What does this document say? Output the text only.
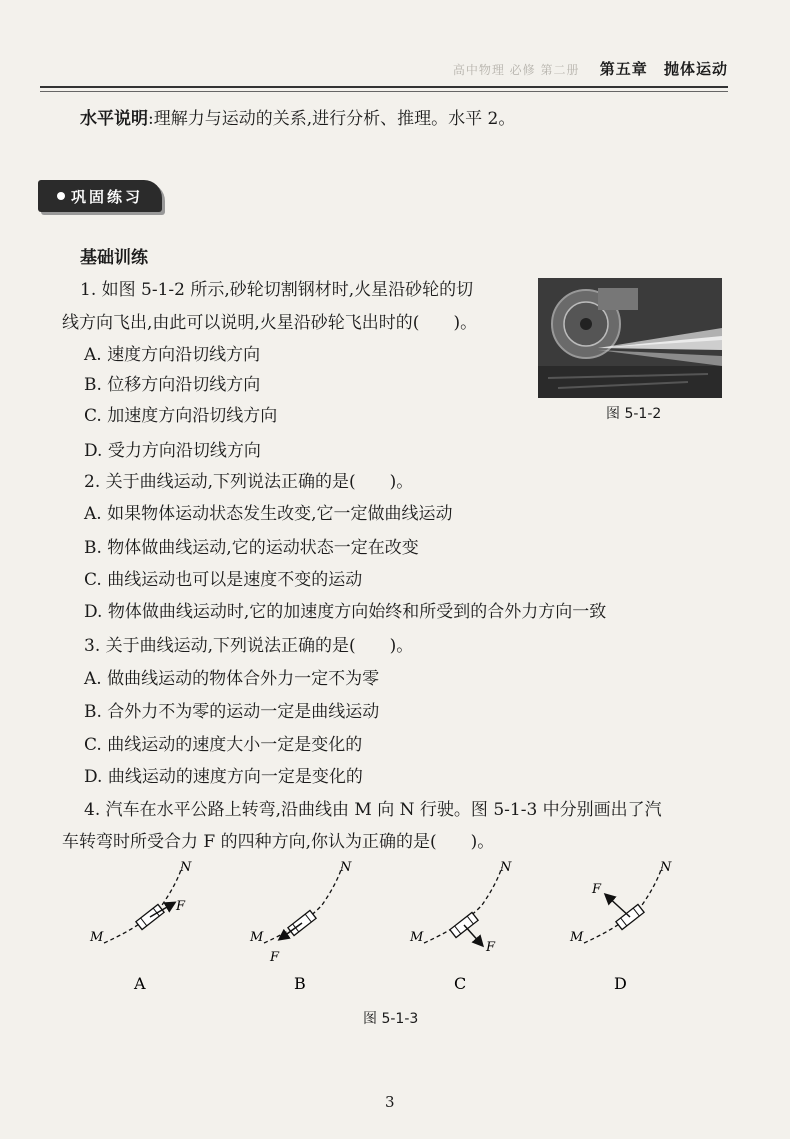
高中物理 必修 第二册 第五章 抛体运动
水平说明:理解力与运动的关系,进行分析、推理。水平 2。
巩固练习
基础训练
1. 如图 5-1-2 所示,砂轮切割钢材时,火星沿砂轮的切
线方向飞出,由此可以说明,火星沿砂轮飞出时的(　　)。
A. 速度方向沿切线方向
B. 位移方向沿切线方向
C. 加速度方向沿切线方向
D. 受力方向沿切线方向
图 5-1-2
2. 关于曲线运动,下列说法正确的是(　　)。
A. 如果物体运动状态发生改变,它一定做曲线运动
B. 物体做曲线运动,它的运动状态一定在改变
C. 曲线运动也可以是速度不变的运动
D. 物体做曲线运动时,它的加速度方向始终和所受到的合外力方向一致
3. 关于曲线运动,下列说法正确的是(　　)。
A. 做曲线运动的物体合外力一定不为零
B. 合外力不为零的运动一定是曲线运动
C. 曲线运动的速度大小一定是变化的
D. 曲线运动的速度方向一定是变化的
4. 汽车在水平公路上转弯,沿曲线由 M 向 N 行驶。图 5-1-3 中分别画出了汽
车转弯时所受合力 F 的四种方向,你认为正确的是(　　)。
M
N
F
M
N
F
M
N
F
M
N
F
A	B	C	D
图 5-1-3
3
